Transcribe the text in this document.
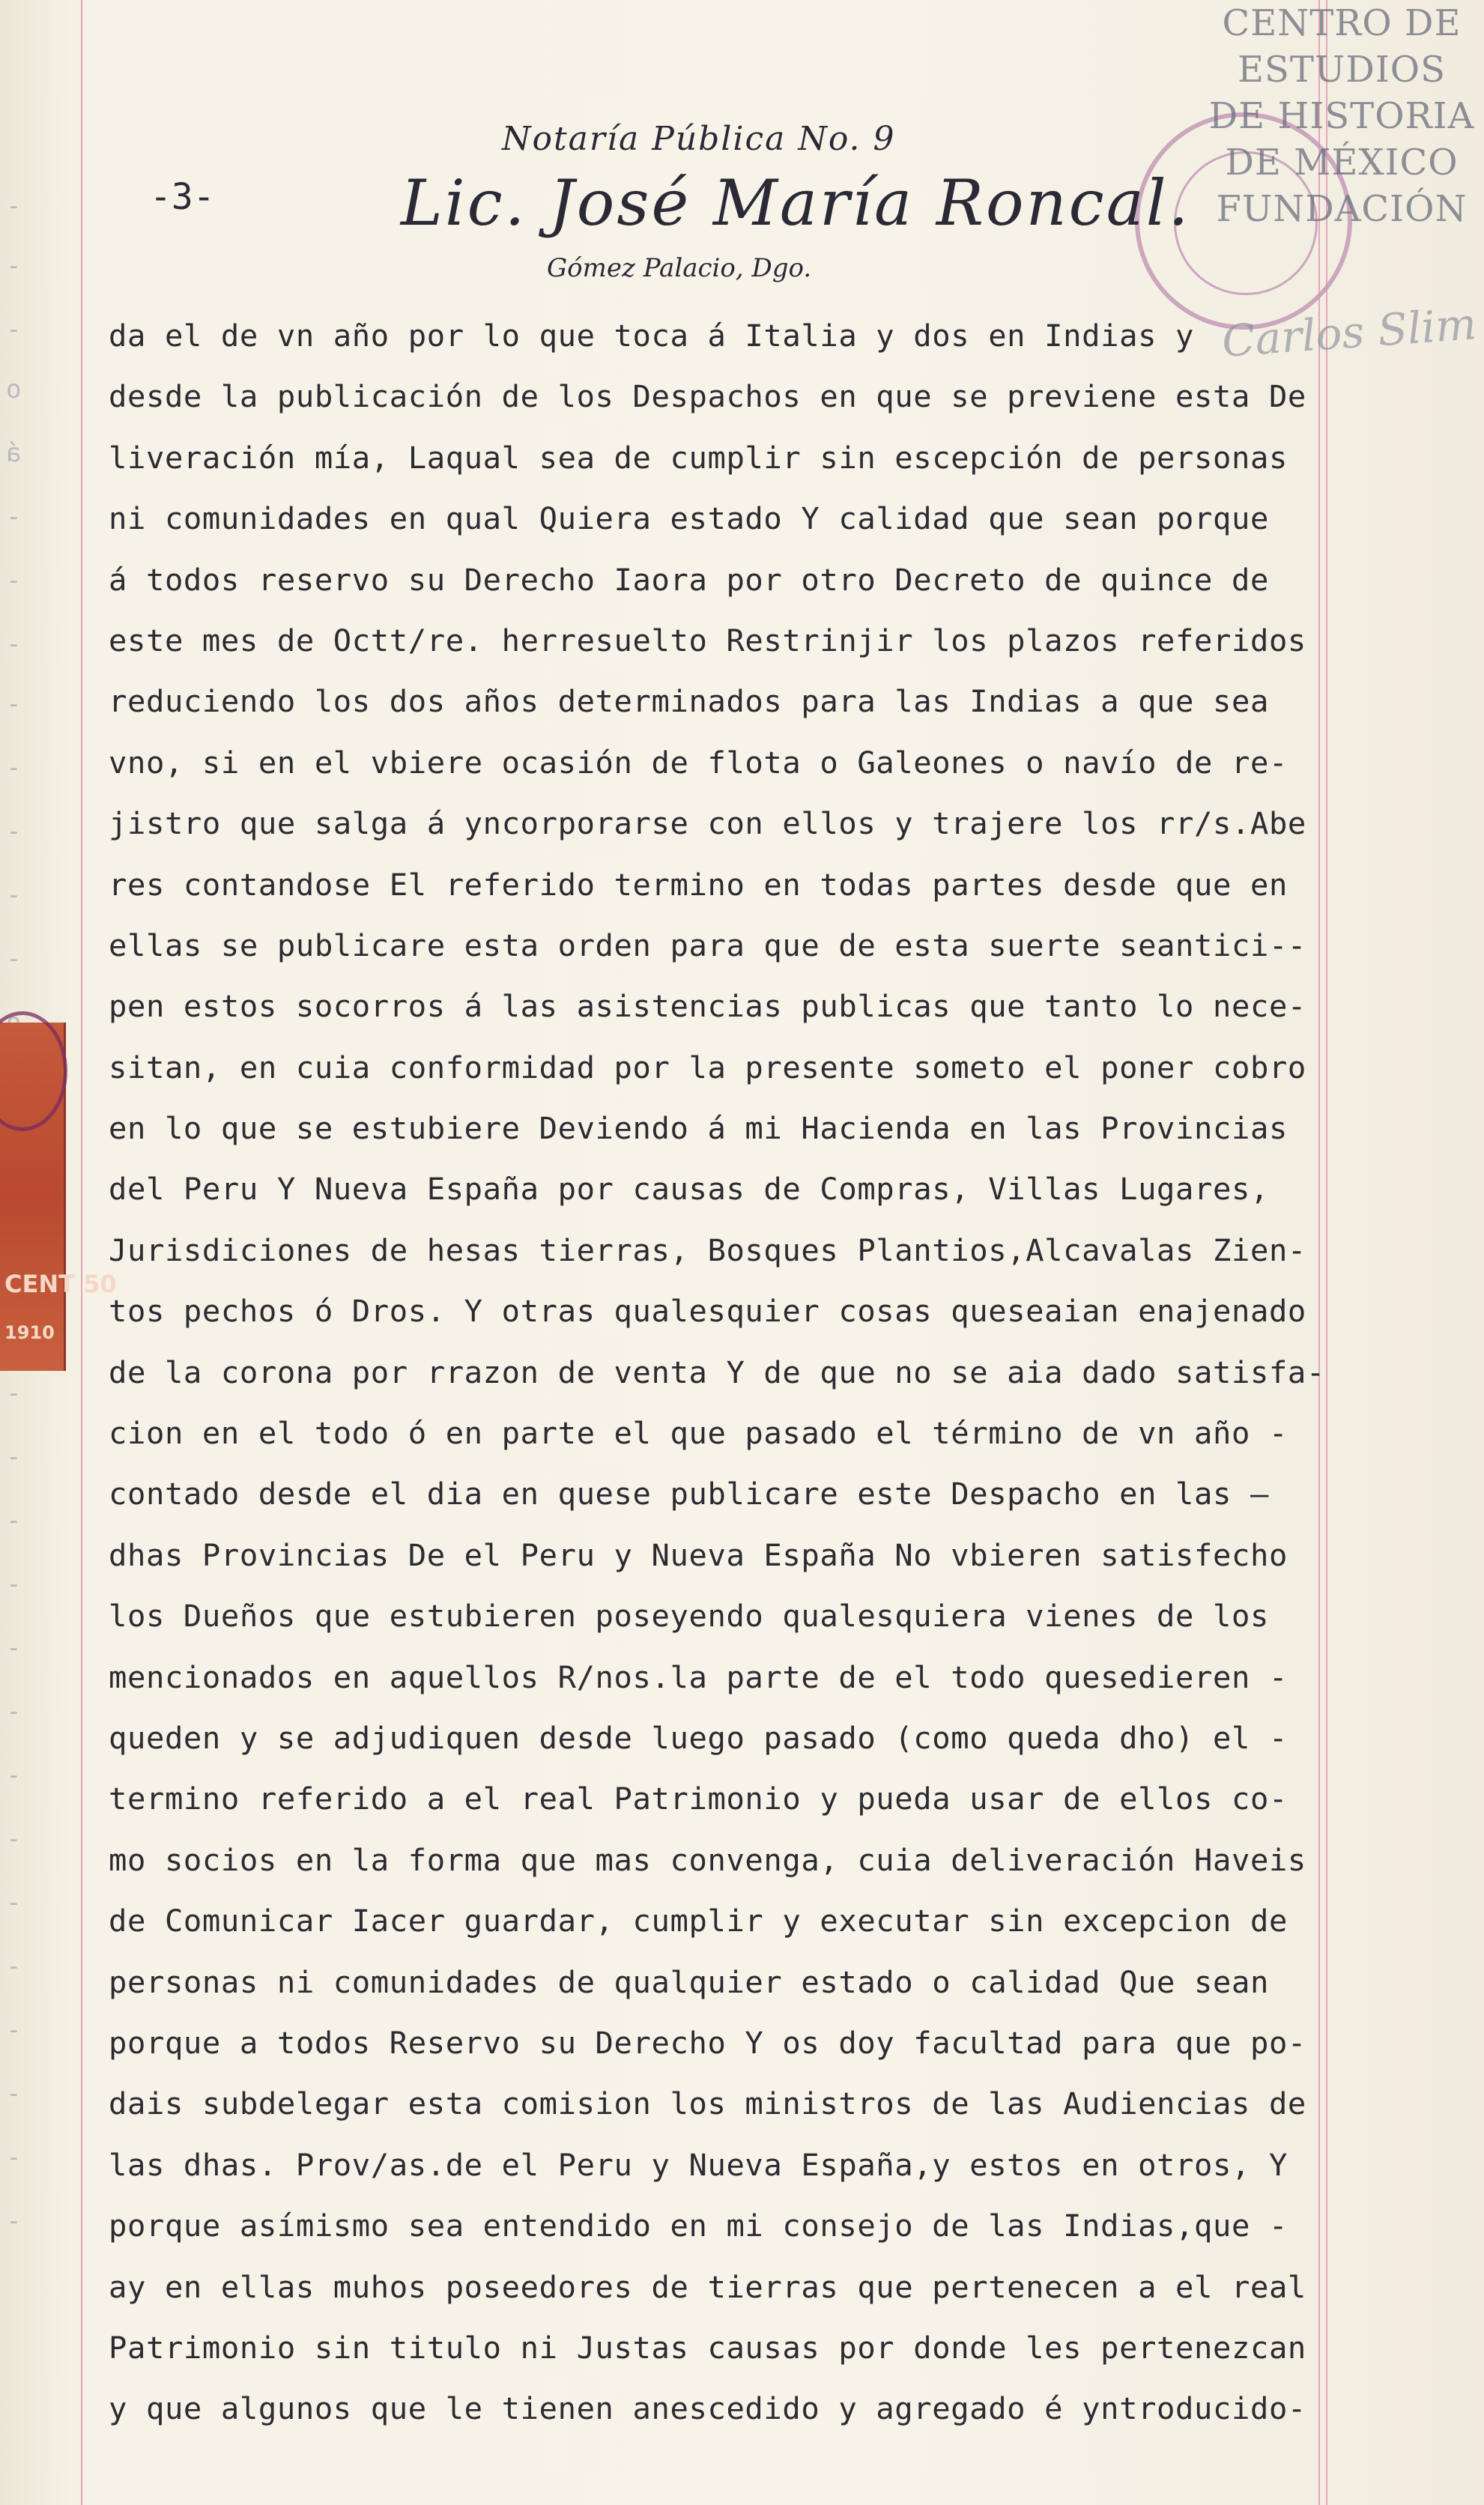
-
-
-
o
á
-
-
-
-
-
-
-
-
-
-
-
-
-
-
-
-
-
-
-
-
-
-
CENTRO DE
ESTUDIOS
DE HISTORIA
DE MÉXICO
FUNDACIÓN
Carlos Slim
Notaría Pública No. 9
-3-	Lic. José María Roncal.
Gómez Palacio, Dgo.
CENT 50
1910
da el de vn año por lo que toca á Italia y dos en Indias y
desde la publicación de los Despachos en que se previene esta De
liveración mía, Laqual sea de cumplir sin escepción de personas
ni comunidades en qual Quiera estado Y calidad que sean porque
á todos reservo su Derecho Iaora por otro Decreto de quince de
este mes de Octt/re. herresuelto Restrinjir los plazos referidos
reduciendo los dos años determinados para las Indias a que sea
vno, si en el vbiere ocasión de flota o Galeones o navío de re-
jistro que salga á yncorporarse con ellos y trajere los rr/s.Abe
res contandose El referido termino en todas partes desde que en
ellas se publicare esta orden para que de esta suerte seantici--
pen estos socorros á las asistencias publicas que tanto lo nece-
sitan, en cuia conformidad por la presente someto el poner cobro
en lo que se estubiere Deviendo á mi Hacienda en las Provincias
del Peru Y Nueva España por causas de Compras, Villas Lugares,
Jurisdiciones de hesas tierras, Bosques Plantios,Alcavalas Zien-
tos pechos ó Dros. Y otras qualesquier cosas queseaian enajenado
de la corona por rrazon de venta Y de que no se aia dado satisfa-
cion en el todo ó en parte el que pasado el término de vn año -
contado desde el dia en quese publicare este Despacho en las —
dhas Provincias De el Peru y Nueva España No vbieren satisfecho
los Dueños que estubieren poseyendo qualesquiera vienes de los
mencionados en aquellos R/nos.la parte de el todo quesedieren -
queden y se adjudiquen desde luego pasado (como queda dho) el -
termino referido a el real Patrimonio y pueda usar de ellos co-
mo socios en la forma que mas convenga, cuia deliveración Haveis
de Comunicar Iacer guardar, cumplir y executar sin excepcion de
personas ni comunidades de qualquier estado o calidad Que sean
porque a todos Reservo su Derecho Y os doy facultad para que po-
dais subdelegar esta comision los ministros de las Audiencias de
las dhas. Prov/as.de el Peru y Nueva España,y estos en otros, Y
porque asímismo sea entendido en mi consejo de las Indias,que -
ay en ellas muhos poseedores de tierras que pertenecen a el real
Patrimonio sin titulo ni Justas causas por donde les pertenezcan
y que algunos que le tienen anescedido y agregado é yntroducido-
